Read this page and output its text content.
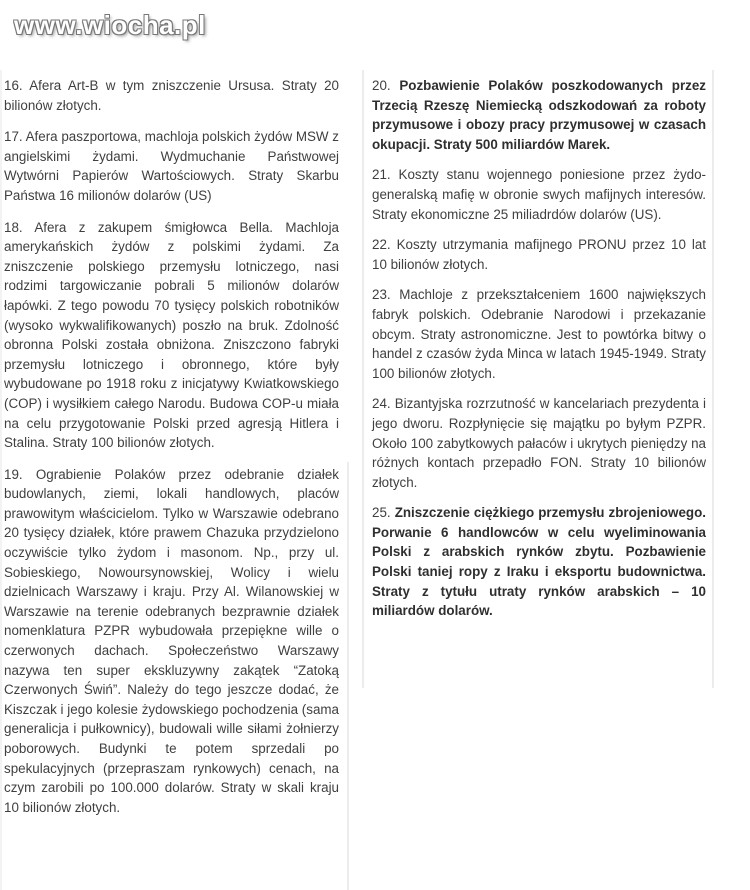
www.wiocha.pl

16. Afera Art-B w tym zniszczenie Ursusa. Straty 20 bilionów złotych.

17. Afera paszportowa, machloja polskich żydów MSW z angielskimi żydami. Wydmuchanie Państwowej Wytwórni Papierów Wartościowych. Straty Skarbu Państwa 16 milionów dolarów (US)

18. Afera z zakupem śmigłowca Bella. Machloja amerykańskich żydów z polskimi żydami. Za zniszczenie polskiego przemysłu lotniczego, nasi rodzimi targowiczanie pobrali 5 milionów dolarów łapówki. Z tego powodu 70 tysięcy polskich robotników (wysoko wykwalifikowanych) poszło na bruk. Zdolność obronna Polski została obniżona. Zniszczono fabryki przemysłu lotniczego i obronnego, które były wybudowane po 1918 roku z inicjatywy Kwiatkowskiego (COP) i wysiłkiem całego Narodu. Budowa COP-u miała na celu przygotowanie Polski przed agresją Hitlera i Stalina. Straty 100 bilionów złotych.

19. Ograbienie Polaków przez odebranie działek budowlanych, ziemi, lokali handlowych, placów prawowitym właścicielom. Tylko w Warszawie odebrano 20 tysięcy działek, które prawem Chazuka przydzielono oczywiście tylko żydom i masonom. Np., przy ul. Sobieskiego, Nowoursynowskiej, Wolicy i wielu dzielnicach Warszawy i kraju. Przy Al. Wilanowskiej w Warszawie na terenie odebranych bezprawnie działek nomenklatura PZPR wybudowała przepiękne wille o czerwonych dachach. Społeczeństwo Warszawy nazywa ten super ekskluzywny zakątek “Zatoką Czerwonych Świń”. Należy do tego jeszcze dodać, że Kiszczak i jego kolesie żydowskiego pochodzenia (sama generalicja i pułkownicy), budowali wille siłami żołnierzy poborowych. Budynki te potem sprzedali po spekulacyjnych (przepraszam rynkowych) cenach, na czym zarobili po 100.000 dolarów. Straty w skali kraju 10 bilionów złotych.

20. Pozbawienie Polaków poszkodowanych przez Trzecią Rzeszę Niemiecką odszkodowań za roboty przymusowe i obozy pracy przymusowej w czasach okupacji. Straty 500 miliardów Marek.

21. Koszty stanu wojennego poniesione przez żydo-generalską mafię w obronie swych mafijnych interesów. Straty ekonomiczne 25 miliadrdów dolarów (US).

22. Koszty utrzymania mafijnego PRONU przez 10 lat 10 bilionów złotych.

23. Machloje z przekształceniem 1600 największych fabryk polskich. Odebranie Narodowi i przekazanie obcym. Straty astronomiczne. Jest to powtórka bitwy o handel z czasów żyda Minca w latach 1945-1949. Straty 100 bilionów złotych.

24. Bizantyjska rozrzutność w kancelariach prezydenta i jego dworu. Rozpłynięcie się majątku po byłym PZPR. Około 100 zabytkowych pałaców i ukrytych pieniędzy na różnych kontach przepadło FON. Straty 10 bilionów złotych.

25. Zniszczenie ciężkiego przemysłu zbrojeniowego. Porwanie 6 handlowców w celu wyeliminowania Polski z arabskich rynków zbytu. Pozbawienie Polski taniej ropy z Iraku i eksportu budownictwa. Straty z tytułu utraty rynków arabskich – 10 miliardów dolarów.
